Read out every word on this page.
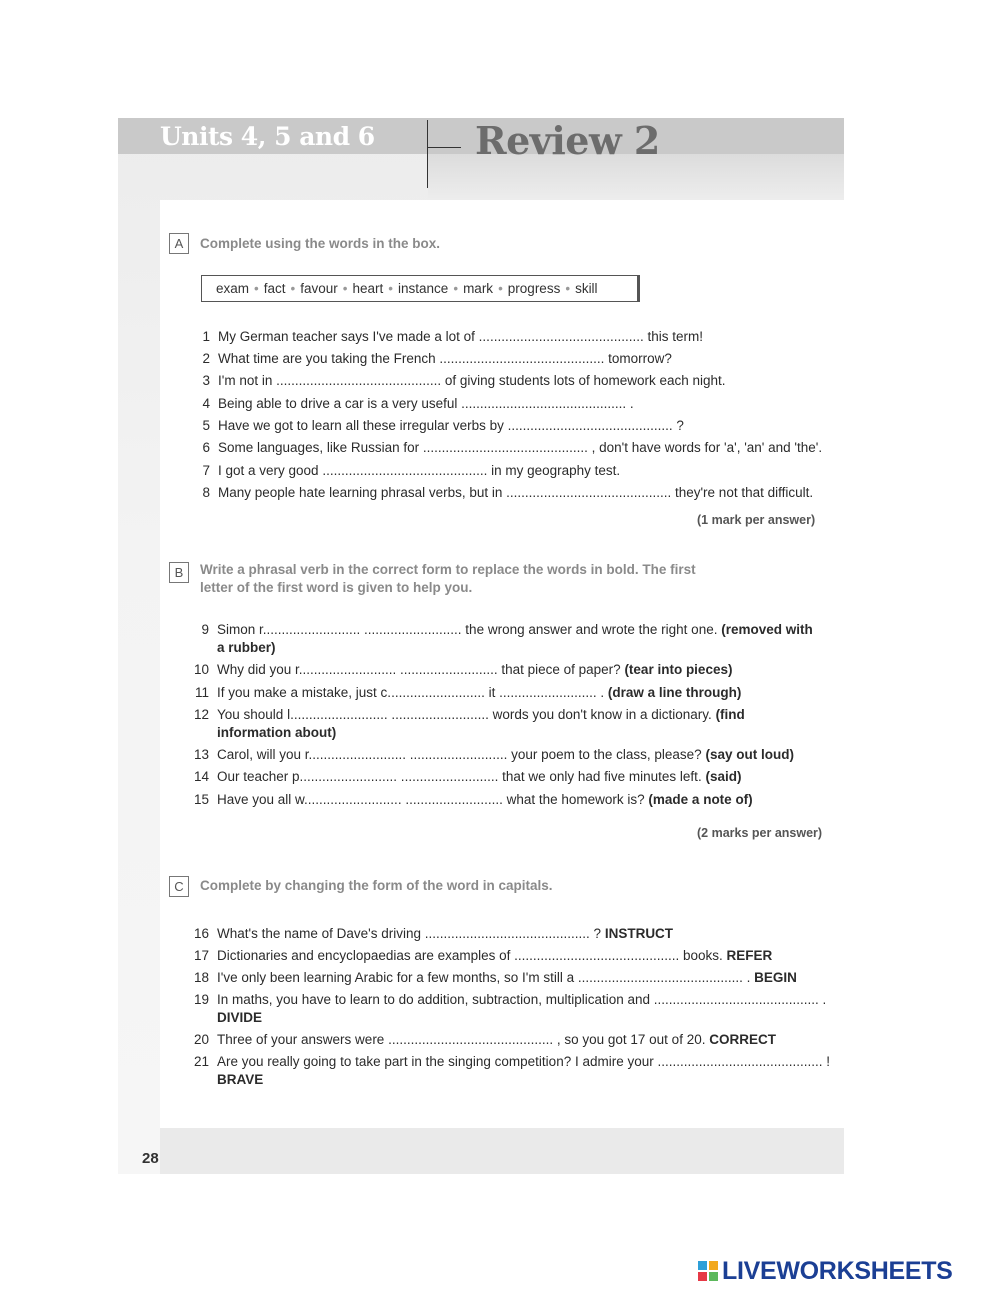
Units 4, 5 and 6	Review 2
28
A	Complete using the words in the box.
exam • fact • favour • heart • instance • mark • progress • skill
1 My German teacher says I've made a lot of ............................................ this term!
2 What time are you taking the French ............................................ tomorrow?
3 I'm not in ............................................ of giving students lots of homework each night.
4 Being able to drive a car is a very useful ............................................ .
5 Have we got to learn all these irregular verbs by ............................................ ?
6 Some languages, like Russian for ............................................ , don't have words for 'a', 'an' and 'the'.
7 I got a very good ............................................ in my geography test.
8 Many people hate learning phrasal verbs, but in ............................................ they're not that difficult.
(1 mark per answer)
B	Write a phrasal verb in the correct form to replace the words in bold. The first
letter of the first word is given to help you.
9 Simon r.......................... .......................... the wrong answer and wrote the right one. (removed with
a rubber)
10 Why did you r.......................... .......................... that piece of paper? (tear into pieces)
11 If you make a mistake, just c.......................... it .......................... . (draw a line through)
12 You should l.......................... .......................... words you don't know in a dictionary. (find
information about)
13 Carol, will you r.......................... .......................... your poem to the class, please? (say out loud)
14 Our teacher p.......................... .......................... that we only had five minutes left. (said)
15 Have you all w.......................... .......................... what the homework is? (made a note of)
(2 marks per answer)
C	Complete by changing the form of the word in capitals.
16 What's the name of Dave's driving ............................................ ? INSTRUCT
17 Dictionaries and encyclopaedias are examples of ............................................ books. REFER
18 I've only been learning Arabic for a few months, so I'm still a ............................................ . BEGIN
19 In maths, you have to learn to do addition, subtraction, multiplication and ............................................ .
DIVIDE
20 Three of your answers were ............................................ , so you got 17 out of 20. CORRECT
21 Are you really going to take part in the singing competition? I admire your ............................................ !
BRAVE
LIVEWORKSHEETS
